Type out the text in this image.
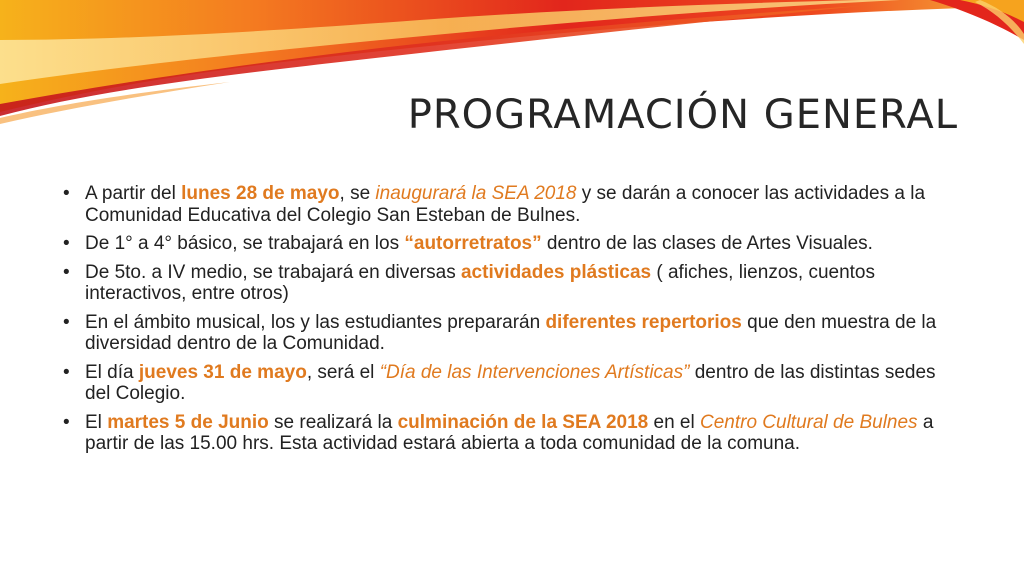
PROGRAMACIÓN GENERAL
• A partir del lunes 28 de mayo, se inaugurará la SEA 2018 y se darán a conocer las actividades a la Comunidad Educativa del Colegio San Esteban de Bulnes.
• De 1° a 4° básico, se trabajará en los “autorretratos” dentro de las clases de Artes Visuales.
• De 5to. a IV medio, se trabajará en diversas actividades plásticas ( afiches, lienzos, cuentos interactivos, entre otros)
• En el ámbito musical, los y las estudiantes prepararán diferentes repertorios que den muestra de la diversidad dentro de la Comunidad.
• El día jueves 31 de mayo, será el “Día de las Intervenciones Artísticas” dentro de las distintas sedes del Colegio.
• El martes 5 de Junio se realizará la culminación de la SEA 2018 en el Centro Cultural de Bulnes a partir de las 15.00 hrs. Esta actividad estará abierta a toda comunidad de la comuna.
